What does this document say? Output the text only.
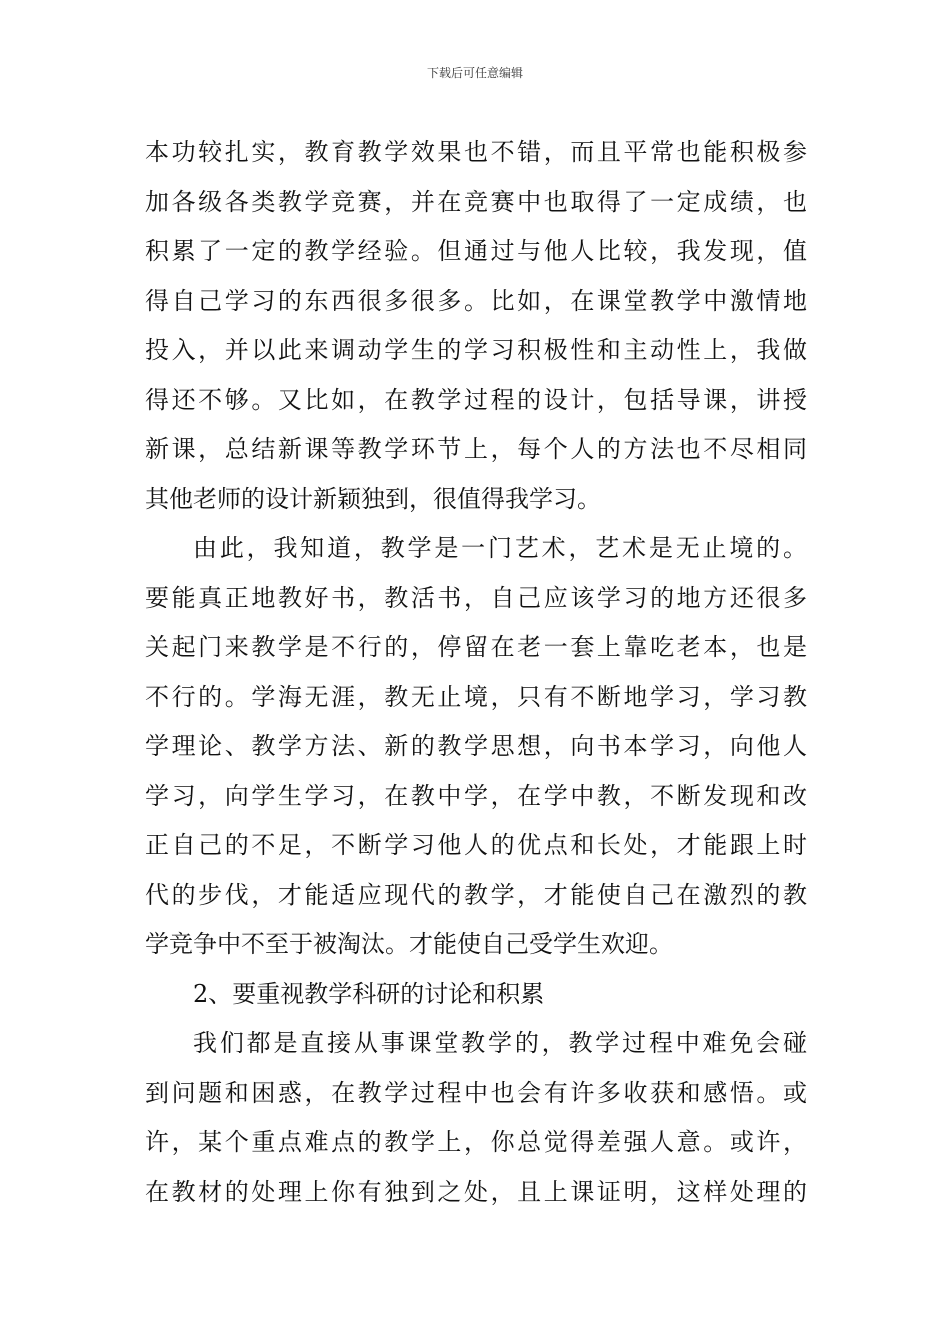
下载后可任意编辑
本功较扎实，教育教学效果也不错，而且平常也能积极参
加各级各类教学竞赛，并在竞赛中也取得了一定成绩，也
积累了一定的教学经验。但通过与他人比较，我发现，值
得自己学习的东西很多很多。比如，在课堂教学中激情地
投入，并以此来调动学生的学习积极性和主动性上，我做
得还不够。又比如，在教学过程的设计，包括导课，讲授
新课，总结新课等教学环节上，每个人的方法也不尽相同
其他老师的设计新颖独到，很值得我学习。
由此，我知道，教学是一门艺术，艺术是无止境的。
要能真正地教好书，教活书，自己应该学习的地方还很多
关起门来教学是不行的，停留在老一套上靠吃老本，也是
不行的。学海无涯，教无止境，只有不断地学习，学习教
学理论、教学方法、新的教学思想，向书本学习，向他人
学习，向学生学习，在教中学，在学中教，不断发现和改
正自己的不足，不断学习他人的优点和长处，才能跟上时
代的步伐，才能适应现代的教学，才能使自己在激烈的教
学竞争中不至于被淘汰。才能使自己受学生欢迎。
2、要重视教学科研的讨论和积累
我们都是直接从事课堂教学的，教学过程中难免会碰
到问题和困惑，在教学过程中也会有许多收获和感悟。或
许，某个重点难点的教学上，你总觉得差强人意。或许，
在教材的处理上你有独到之处，且上课证明，这样处理的
